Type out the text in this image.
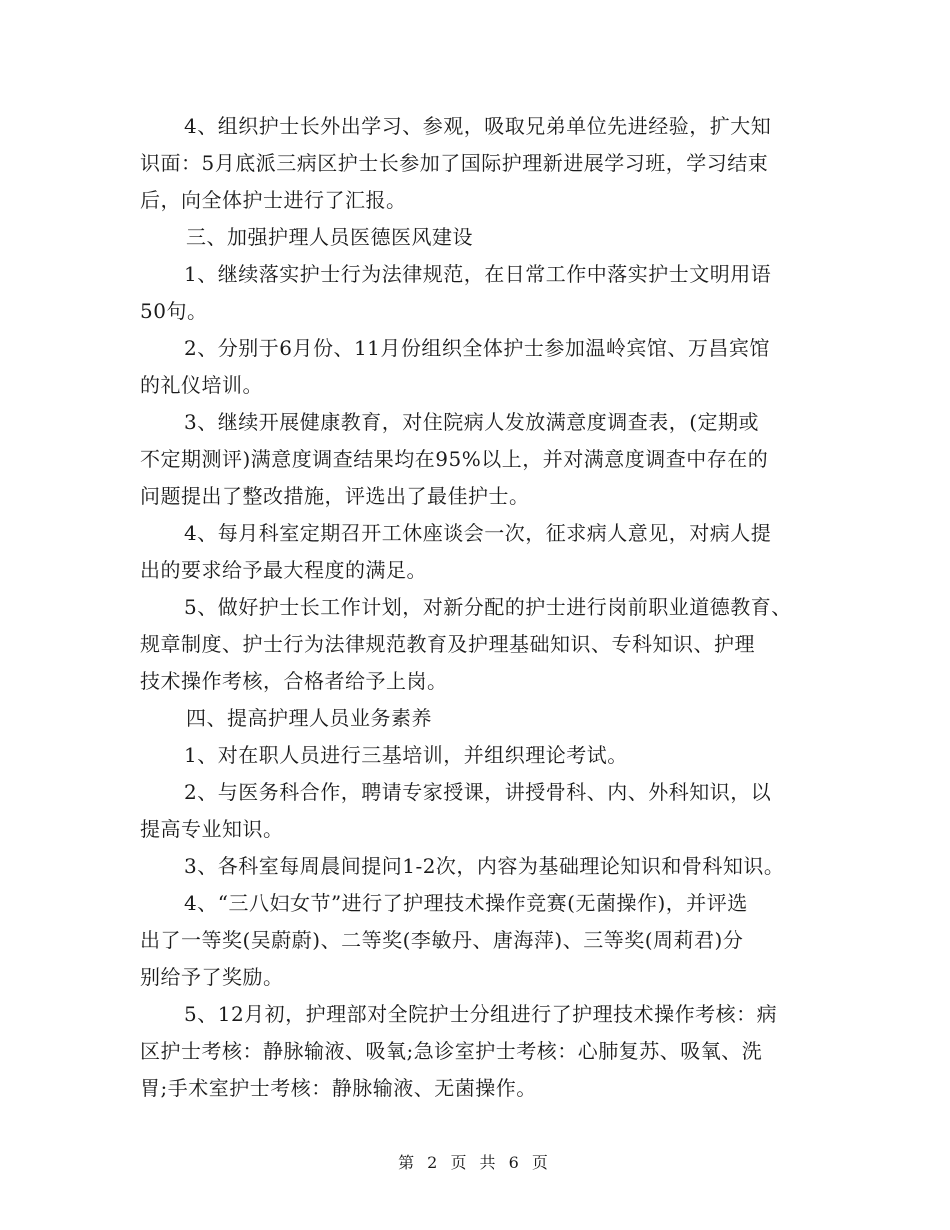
4、组织护士长外出学习、参观，吸取兄弟单位先进经验，扩大知
识面：5月底派三病区护士长参加了国际护理新进展学习班，学习结束
后，向全体护士进行了汇报。
三、加强护理人员医德医风建设
1、继续落实护士行为法律规范，在日常工作中落实护士文明用语
50句。
2、分别于6月份、11月份组织全体护士参加温岭宾馆、万昌宾馆
的礼仪培训。
3、继续开展健康教育，对住院病人发放满意度调查表，(定期或
不定期测评)满意度调查结果均在95%以上，并对满意度调查中存在的
问题提出了整改措施，评选出了最佳护士。
4、每月科室定期召开工休座谈会一次，征求病人意见，对病人提
出的要求给予最大程度的满足。
5、做好护士长工作计划，对新分配的护士进行岗前职业道德教育、
规章制度、护士行为法律规范教育及护理基础知识、专科知识、护理
技术操作考核，合格者给予上岗。
四、提高护理人员业务素养
1、对在职人员进行三基培训，并组织理论考试。
2、与医务科合作，聘请专家授课，讲授骨科、内、外科知识，以
提高专业知识。
3、各科室每周晨间提问1-2次，内容为基础理论知识和骨科知识。
4、“三八妇女节”进行了护理技术操作竞赛(无菌操作)，并评选
出了一等奖(吴蔚蔚)、二等奖(李敏丹、唐海萍)、三等奖(周莉君)分
别给予了奖励。
5、12月初，护理部对全院护士分组进行了护理技术操作考核：病
区护士考核：静脉输液、吸氧;急诊室护士考核：心肺复苏、吸氧、洗
胃;手术室护士考核：静脉输液、无菌操作。
第 2 页 共 6 页
